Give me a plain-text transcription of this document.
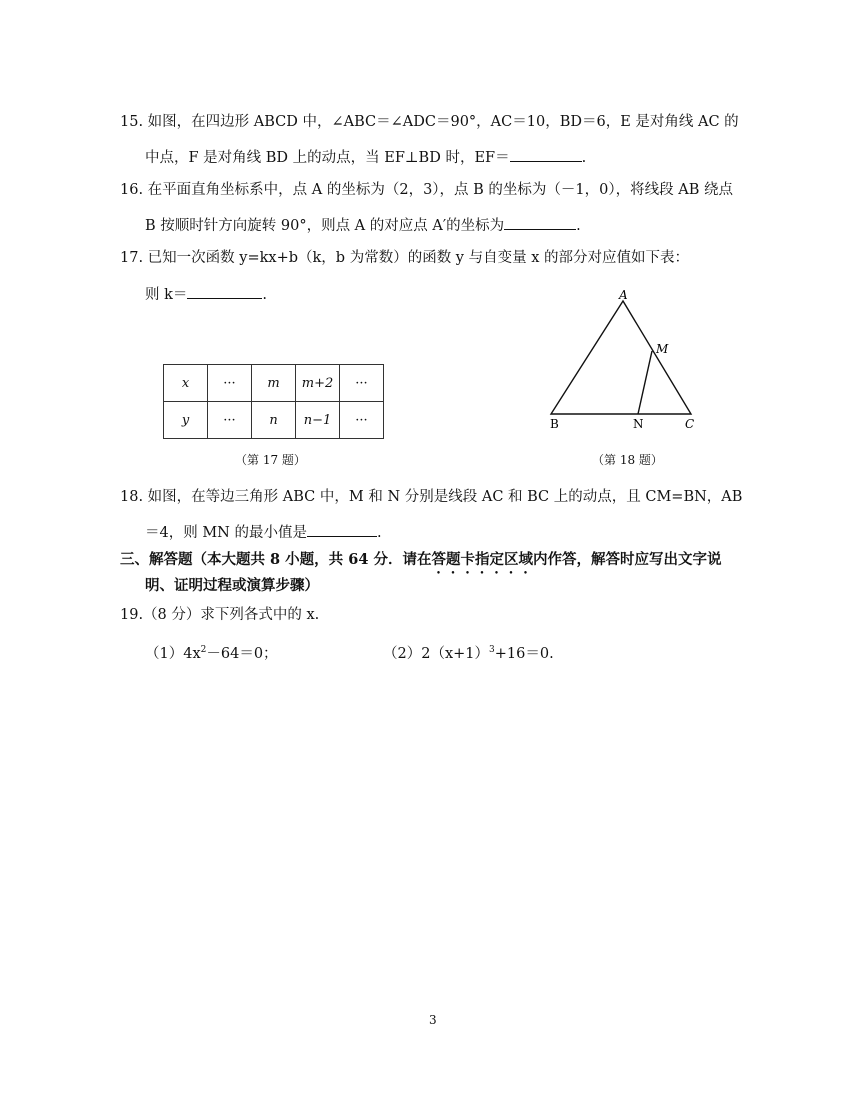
15. 如图，在四边形 ABCD 中，∠ABC＝∠ADC＝90°，AC＝10，BD＝6，E 是对角线 AC 的
中点，F 是对角线 BD 上的动点，当 EF⊥BD 时，EF＝	.
16. 在平面直角坐标系中，点 A 的坐标为（2，3），点 B 的坐标为（－1，0），将线段 AB 绕点
B 按顺时针方向旋转 90°，则点 A 的对应点 A′的坐标为	.
17. 已知一次函数 y=kx+b（k，b 为常数）的函数 y 与自变量 x 的部分对应值如下表：
则 k＝	.
x	···	m	m+2	···
y	···	n	n−1	···
（第 17 题）
A
M
B	N	C
（第 18 题）
18. 如图，在等边三角形 ABC 中，M 和 N 分别是线段 AC 和 BC 上的动点，且 CM=BN，AB
＝4，则 MN 的最小值是	.
三、解答题（本大题共 8 小题，共 64 分．请在答题卡指定区域内作答，解答时应写出文字说
明、证明过程或演算步骤）
19.（8 分）求下列各式中的 x.
$(1)4x^2-64=0$；	$(2)2(x+1)^3+16=0$.
3
